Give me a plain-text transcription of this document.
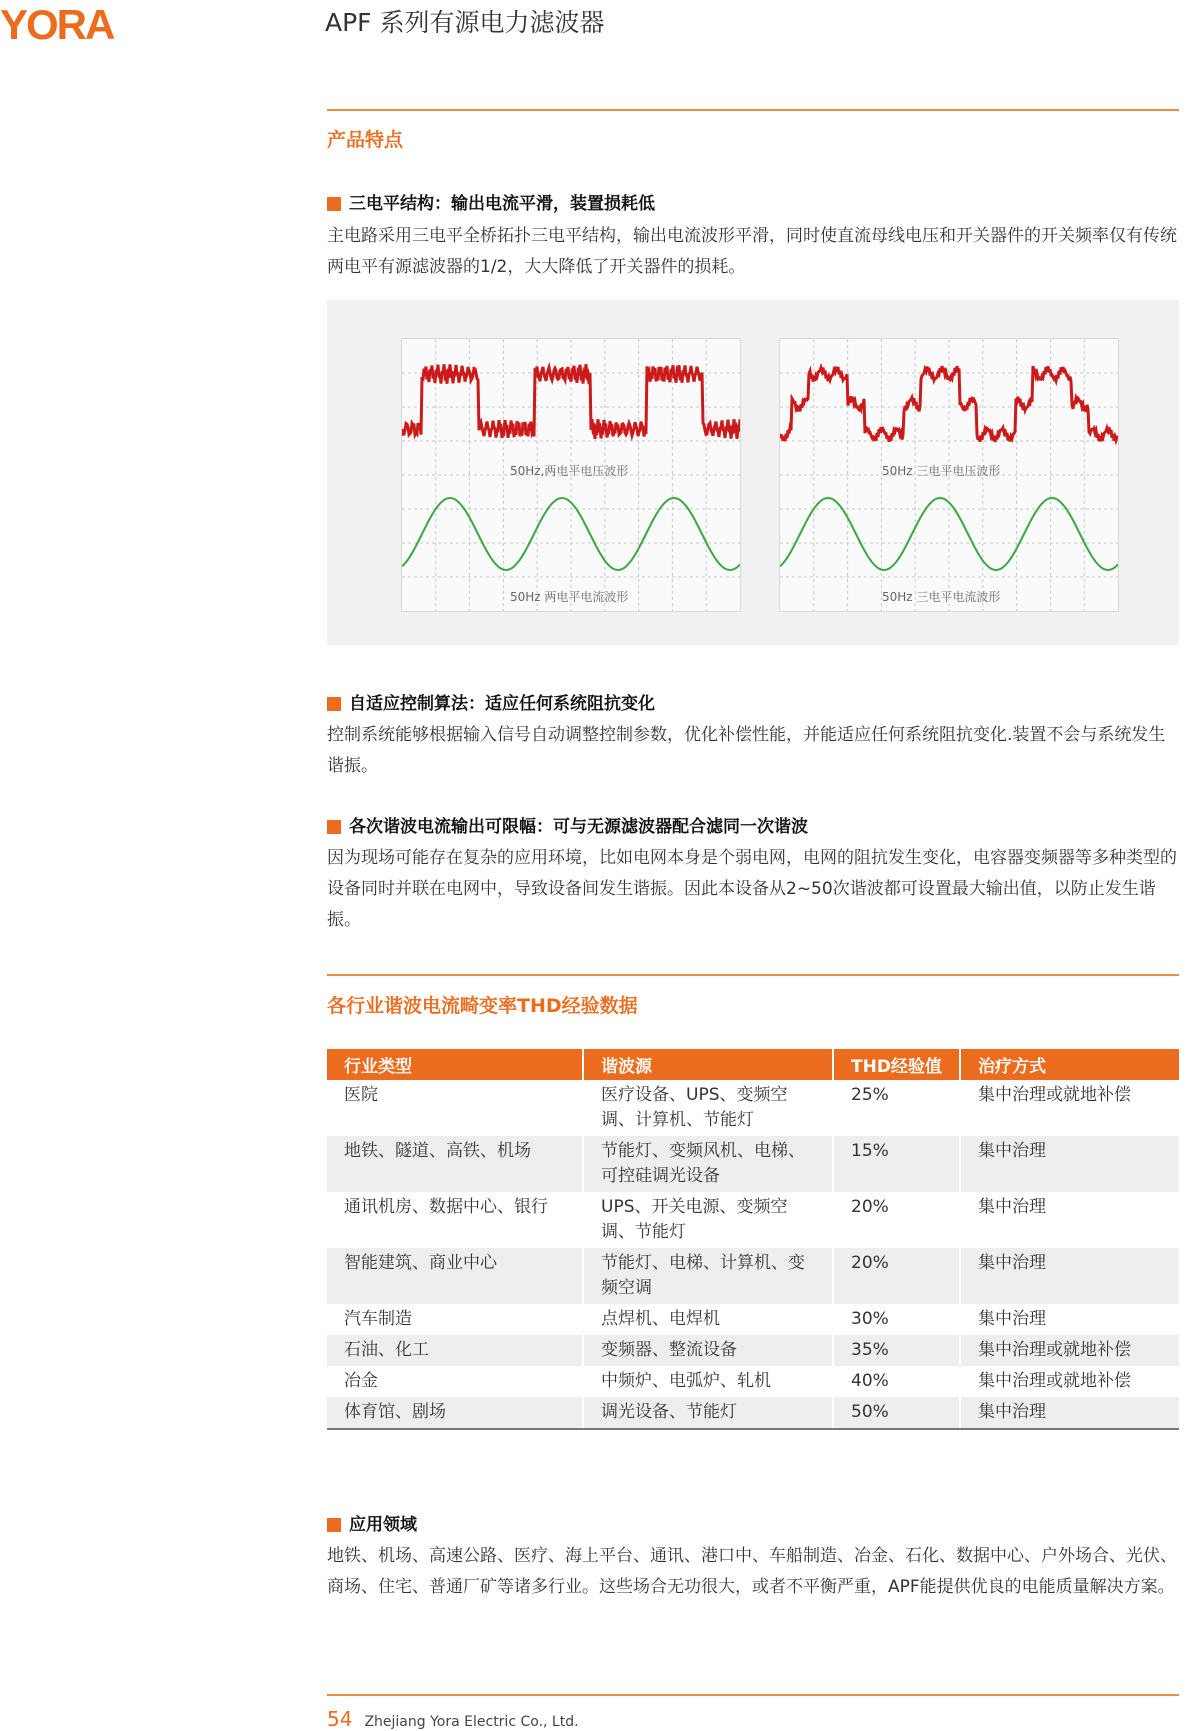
YORA	APF 系列有源电力滤波器
产品特点
三电平结构：输出电流平滑，装置损耗低
主电路采用三电平全桥拓扑三电平结构，输出电流波形平滑，同时使直流母线电压和开关器件的开关频率仅有传统两电平有源滤波器的1/2，大大降低了开关器件的损耗。
50Hz,两电平电压波形
50Hz 两电平电流波形
50Hz 三电平电压波形
50Hz 三电平电流波形
自适应控制算法：适应任何系统阻抗变化
控制系统能够根据输入信号自动调整控制参数，优化补偿性能，并能适应任何系统阻抗变化.装置不会与系统发生谐振。
各次谐波电流输出可限幅：可与无源滤波器配合滤同一次谐波
因为现场可能存在复杂的应用环境，比如电网本身是个弱电网，电网的阻抗发生变化，电容器变频器等多种类型的设备同时并联在电网中，导致设备间发生谐振。因此本设备从2~50次谐波都可设置最大输出值，以防止发生谐振。
各行业谐波电流畸变率THD经验数据
行业类型	谐波源	THD经验值	治疗方式
医院	医疗设备、UPS、变频空调、计算机、节能灯	25%	集中治理或就地补偿
地铁、隧道、高铁、机场	节能灯、变频风机、电梯、可控硅调光设备	15%	集中治理
通讯机房、数据中心、银行	UPS、开关电源、变频空调、节能灯	20%	集中治理
智能建筑、商业中心	节能灯、电梯、计算机、变频空调	20%	集中治理
汽车制造	点焊机、电焊机	30%	集中治理
石油、化工	变频器、整流设备	35%	集中治理或就地补偿
冶金	中频炉、电弧炉、轧机	40%	集中治理或就地补偿
体育馆、剧场	调光设备、节能灯	50%	集中治理
应用领域
地铁、机场、高速公路、医疗、海上平台、通讯、港口中、车船制造、冶金、石化、数据中心、户外场合、光伏、商场、住宅、普通厂矿等诸多行业。这些场合无功很大，或者不平衡严重，APF能提供优良的电能质量解决方案。
54 Zhejiang Yora Electric Co., Ltd.
